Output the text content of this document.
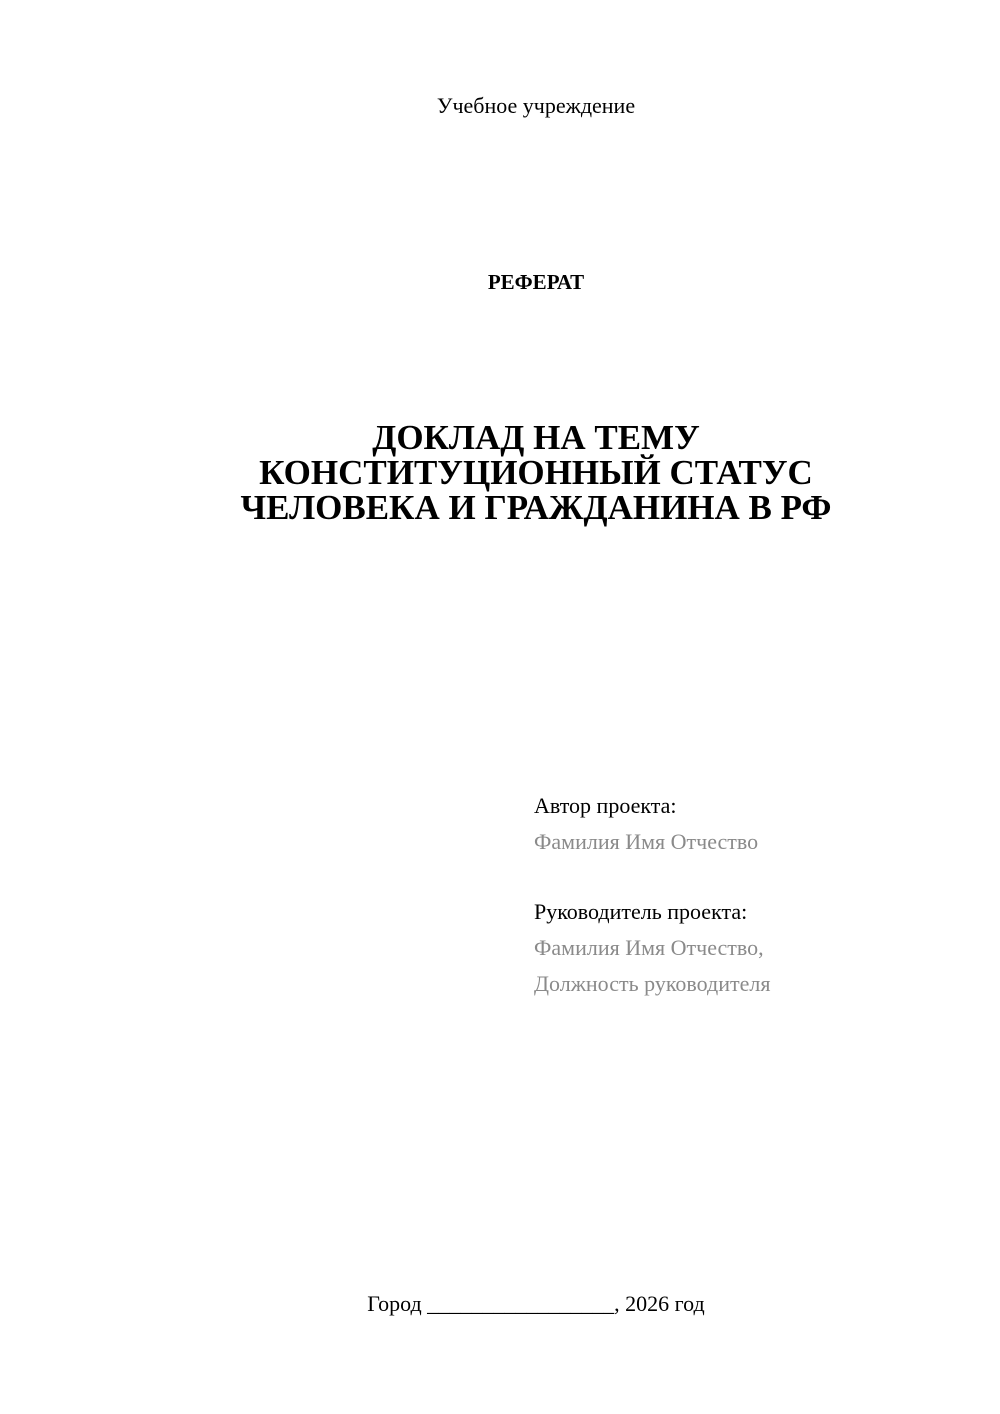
Учебное учреждение
РЕФЕРАТ
ДОКЛАД НА ТЕМУ
КОНСТИТУЦИОННЫЙ СТАТУС
ЧЕЛОВЕКА И ГРАЖДАНИНА В РФ
Автор проекта:
Фамилия Имя Отчество
Руководитель проекта:
Фамилия Имя Отчество,
Должность руководителя
Город _________________, 2026 год
